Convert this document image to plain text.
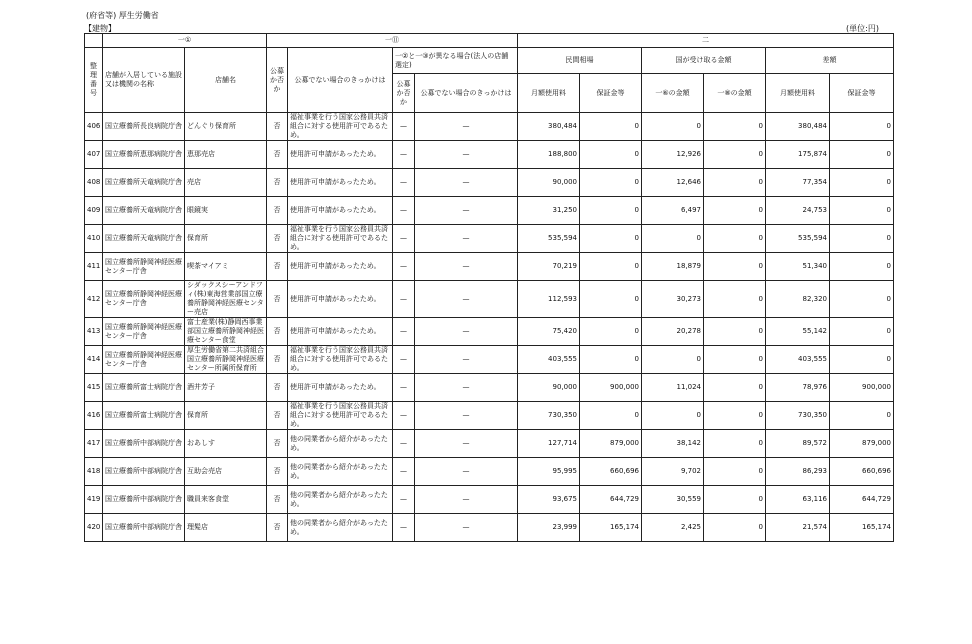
(府省等) 厚生労働省
【建物】	(単位:円)
	一①		一⑪				二					
整理番号	店舗が入居している施設又は機関の名称	店舗名	公募か否か	公募でない場合のきっかけは	一②と一③が異なる場合(法人の店舗選定)		民間相場		国が受け取る金額		差額	
					公募か否か	公募でない場合のきっかけは	月額使用料	保証金等	一⑥の金額	一⑧の金額	月額使用料	保証金等
406	国立療養所長良病院庁舎	どんぐり保育所	否	福祉事業を行う国家公務員共済組合に対する使用許可であるため。	—	—	380,484	0	0	0	380,484	0
407	国立療養所恵那病院庁舎	恵那売店	否	使用許可申請があったため。	—	—	188,800	0	12,926	0	175,874	0
408	国立療養所天竜病院庁舎	売店	否	使用許可申請があったため。	—	—	90,000	0	12,646	0	77,354	0
409	国立療養所天竜病院庁舎	眼鏡実	否	使用許可申請があったため。	—	—	31,250	0	6,497	0	24,753	0
410	国立療養所天竜病院庁舎	保育所	否	福祉事業を行う国家公務員共済組合に対する使用許可であるため。	—	—	535,594	0	0	0	535,594	0
411	国立療養所静岡神経医療センター庁舎	喫茶マイアミ	否	使用許可申請があったため。	—	—	70,219	0	18,879	0	51,340	0
412	国立療養所静岡神経医療センター庁舎	シダックスシーアンドフィ(株)東海営業部国立療養所静岡神経医療センター売店	否	使用許可申請があったため。	—	—	112,593	0	30,273	0	82,320	0
413	国立療養所静岡神経医療センター庁舎	富士産業(株)静岡西事業部国立療養所静岡神経医療センター食堂	否	使用許可申請があったため。	—	—	75,420	0	20,278	0	55,142	0
414	国立療養所静岡神経医療センター庁舎	厚生労働省第二共済組合国立療養所静岡神経医療センター所属所保育所	否	福祉事業を行う国家公務員共済組合に対する使用許可であるため。	—	—	403,555	0	0	0	403,555	0
415	国立療養所富士病院庁舎	酒井芳子	否	使用許可申請があったため。	—	—	90,000	900,000	11,024	0	78,976	900,000
416	国立療養所富士病院庁舎	保育所	否	福祉事業を行う国家公務員共済組合に対する使用許可であるため。	—	—	730,350	0	0	0	730,350	0
417	国立療養所中部病院庁舎	おあしす	否	他の同業者から紹介があったため。	—	—	127,714	879,000	38,142	0	89,572	879,000
418	国立療養所中部病院庁舎	互助会売店	否	他の同業者から紹介があったため。	—	—	95,995	660,696	9,702	0	86,293	660,696
419	国立療養所中部病院庁舎	職員来客食堂	否	他の同業者から紹介があったため。	—	—	93,675	644,729	30,559	0	63,116	644,729
420	国立療養所中部病院庁舎	理髪店	否	他の同業者から紹介があったため。	—	—	23,999	165,174	2,425	0	21,574	165,174
